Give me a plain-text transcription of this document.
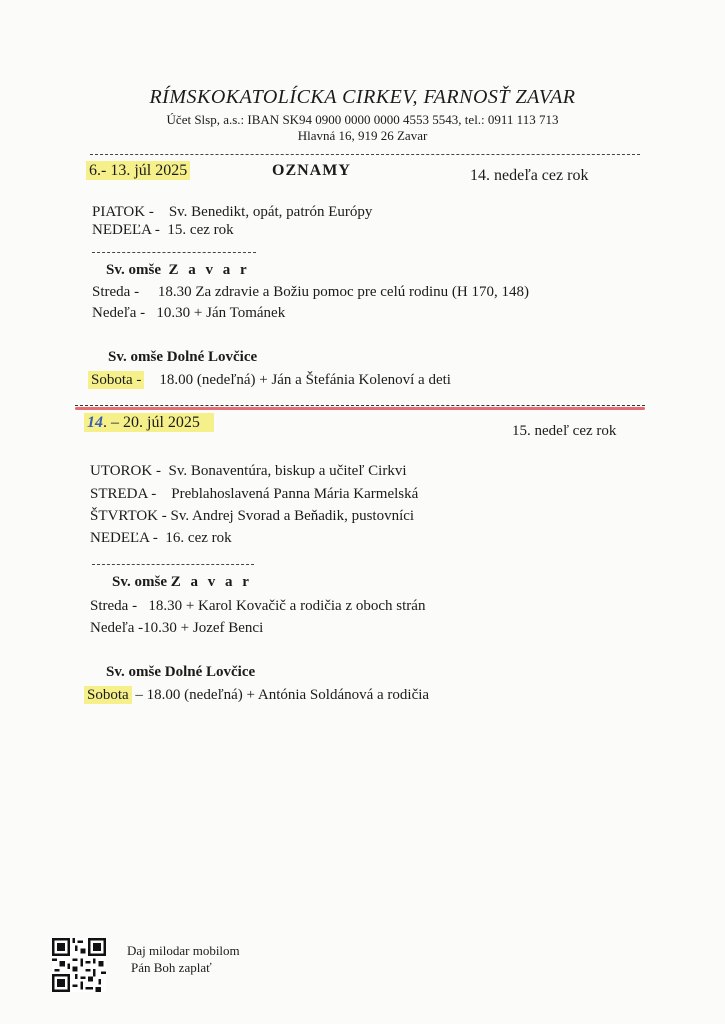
RÍMSKOKATOLÍCKA CIRKEV, FARNOSŤ ZAVAR
Účet Slsp, a.s.: IBAN SK94 0900 0000 0000 4553 5543, tel.: 0911 113 713
Hlavná 16, 919 26 Zavar
6.- 13. júl 2025	OZNAMY	14. nedeľa cez rok
PIATOK - Sv. Benedikt, opát, patrón Európy
NEDEĽA - 15. cez rok
Sv. omše Z a v a r
Streda - 18.30 Za zdravie a Božiu pomoc pre celú rodinu (H 170, 148)
Nedeľa - 10.30 + Ján Tománek
Sv. omše Dolné Lovčice
Sobota - 18.00 (nedeľná) + Ján a Štefánia Kolenoví a deti
14. – 20. júl 2025	15. nedeľ cez rok
UTOROK - Sv. Bonaventúra, biskup a učiteľ Cirkvi
STREDA - Preblahoslavená Panna Mária Karmelská
ŠTVRTOK - Sv. Andrej Svorad a Beňadik, pustovníci
NEDEĽA - 16. cez rok
Sv. omše Z a v a r
Streda - 18.30 + Karol Kovačič a rodičia z oboch strán
Nedeľa -10.30 + Jozef Benci
Sv. omše Dolné Lovčice
Sobota – 18.00 (nedeľná) + Antónia Soldánová a rodičia
Daj milodar mobilom
Pán Boh zaplať
